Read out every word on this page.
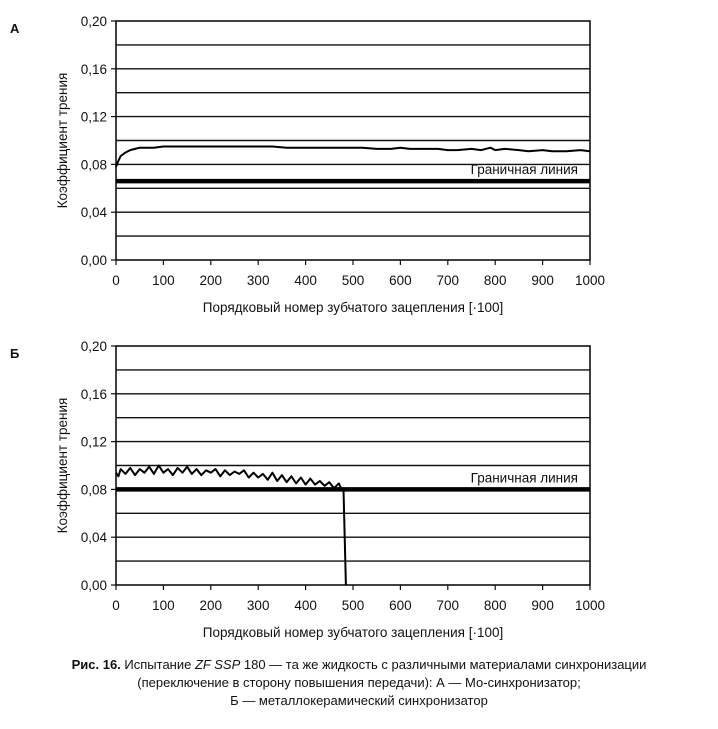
А
0,00
0,04
0,08
0,12
0,16
0,20
0 100 200 300 400 500 600 700 800 900 1000
Порядковый номер зубчатого зацепления [·100]
Коэффициент трения	Граничная линия
Б
0,00
0,04
0,08
0,12
0,16
0,20
0 100 200 300 400 500 600 700 800 900 1000
Порядковый номер зубчатого зацепления [·100]
Коэффициент трения	Граничная линия
Рис. 16. Испытание ZF SSP 180 — та же жидкость с различными материалами синхронизации
(переключение в сторону повышения передачи): А — Мо-синхронизатор;
Б — металлокерамический синхронизатор
